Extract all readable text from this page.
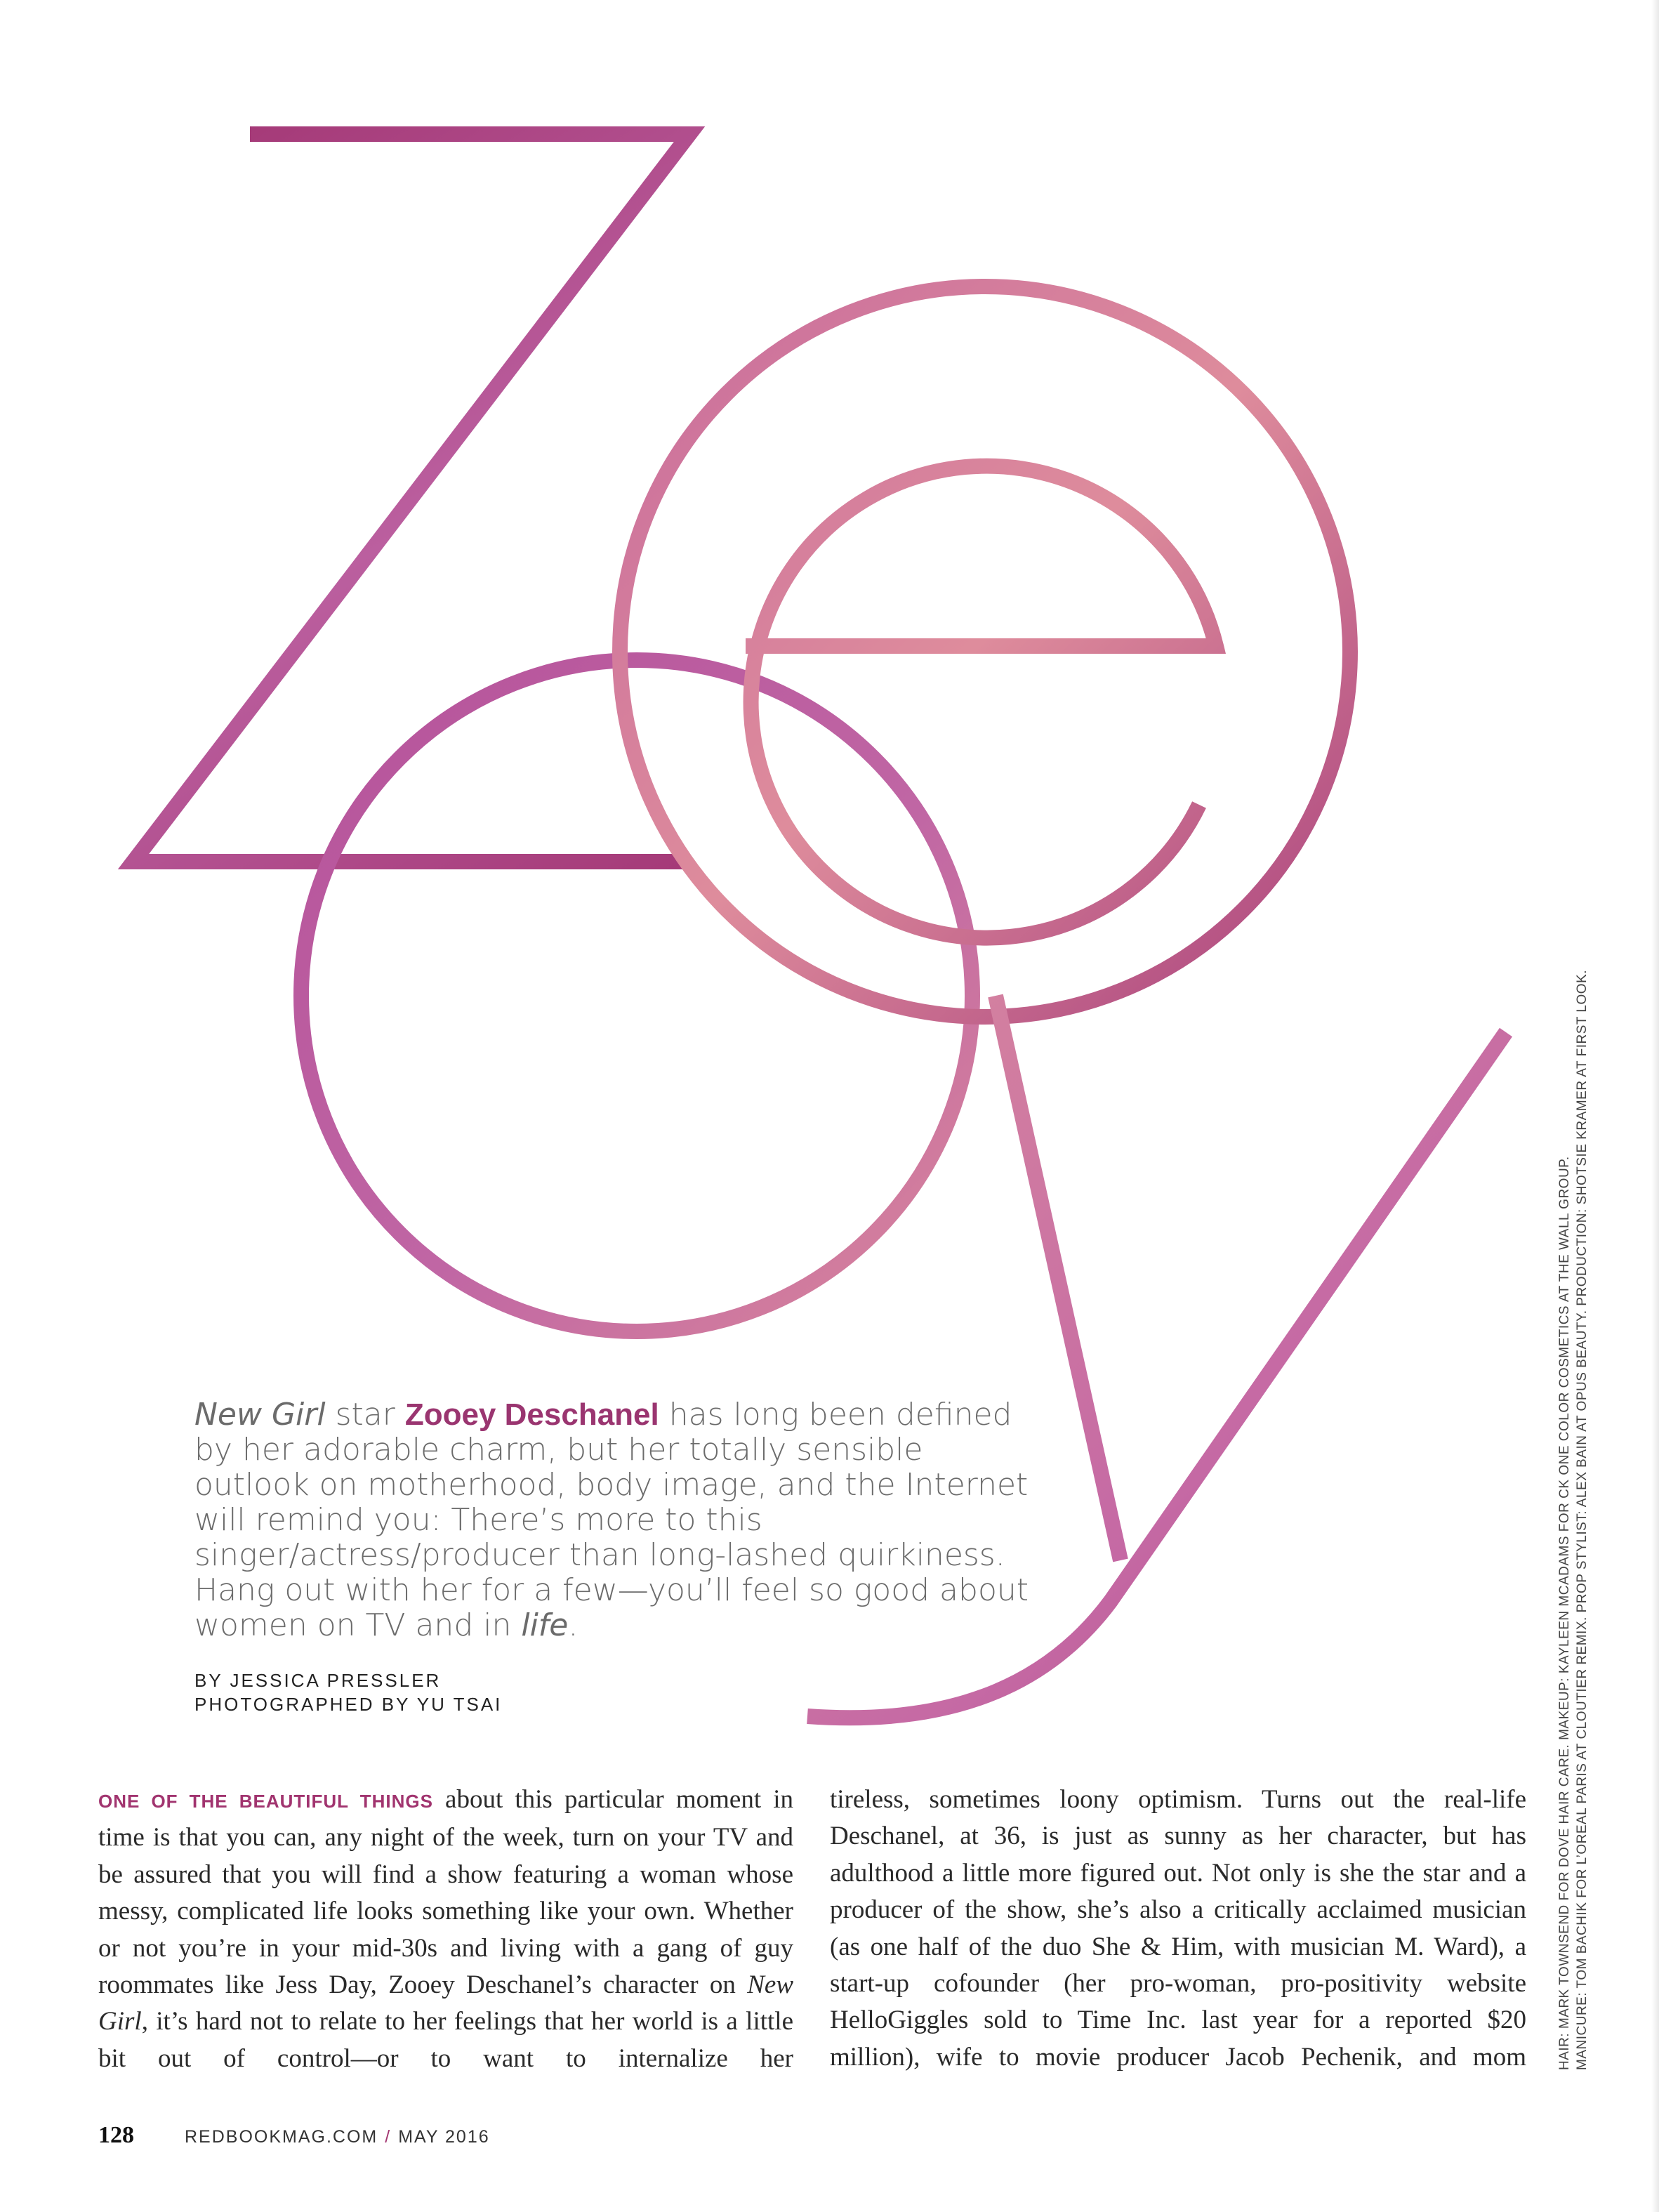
New Girl star Zooey Deschanel has long been defined by her adorable charm, but her totally sensible outlook on motherhood, body image, and the Internet will remind you: There’s more to this singer/actress/producer than long-lashed quirkiness. Hang out with her for a few—you’ll feel so good about women on TV and in life.
BY JESSICA PRESSLER
PHOTOGRAPHED BY YU TSAI
ONE OF THE BEAUTIFUL THINGS about this particular moment in time is that you can, any night of the week, turn on your TV and be assured that you will find a show featuring a woman whose messy, complicated life looks something like your own. Whether or not you’re in your mid-30s and living with a gang of guy roommates like Jess Day, Zooey Deschanel’s character on New Girl, it’s hard not to relate to her feelings that her world is a little bit out of control—or to want to internalize her
tireless, sometimes loony optimism. Turns out the real-life Deschanel, at 36, is just as sunny as her character, but has adulthood a little more figured out. Not only is she the star and a producer of the show, she’s also a critically acclaimed musician (as one half of the duo She & Him, with musician M. Ward), a start-up cofounder (her pro-woman, pro-positivity website HelloGiggles sold to Time Inc. last year for a reported $20 million), wife to movie producer Jacob Pechenik, and mom
128	REDBOOKMAG.COM / MAY 2016
HAIR: MARK TOWNSEND FOR DOVE HAIR CARE. MAKEUP: KAYLEEN MCADAMS FOR CK ONE COLOR COSMETICS AT THE WALL GROUP. MANICURE: TOM BACHIK FOR L’OREAL PARIS AT CLOUTIER REMIX. PROP STYLIST: ALEX BAIN AT OPUS BEAUTY. PRODUCTION: SHOTSIE KRAMER AT FIRST LOOK.
